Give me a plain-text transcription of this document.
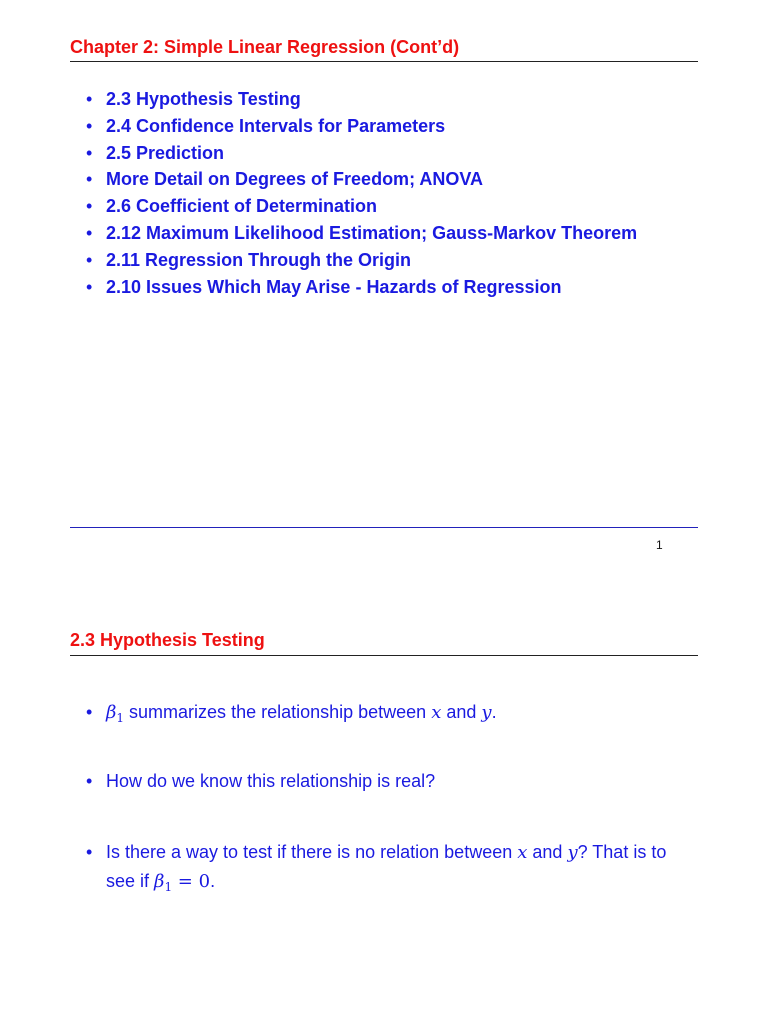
Chapter 2: Simple Linear Regression (Cont’d)
• 2.3 Hypothesis Testing
• 2.4 Confidence Intervals for Parameters
• 2.5 Prediction
• More Detail on Degrees of Freedom; ANOVA
• 2.6 Coefficient of Determination
• 2.12 Maximum Likelihood Estimation; Gauss-Markov Theorem
• 2.11 Regression Through the Origin
• 2.10 Issues Which May Arise - Hazards of Regression
1
2.3 Hypothesis Testing
• $\beta_1$ summarizes the relationship between x and y.
• How do we know this relationship is real?
• Is there a way to test if there is no relation between x and y? That is to see if $\beta_1 = 0$.
